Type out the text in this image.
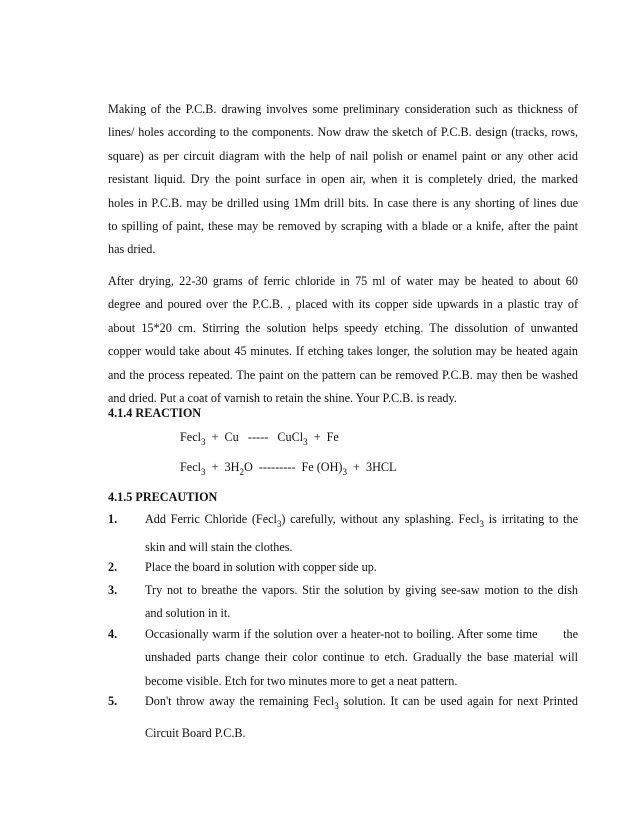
Making of the P.C.B. drawing involves some preliminary consideration such as thickness of
lines/ holes according to the components. Now draw the sketch of P.C.B. design (tracks, rows,
square) as per circuit diagram with the help of nail polish or enamel paint or any other acid
resistant liquid. Dry the point surface in open air, when it is completely dried, the marked
holes in P.C.B. may be drilled using 1Mm drill bits. In case there is any shorting of lines due
to spilling of paint, these may be removed by scraping with a blade or a knife, after the paint
has dried.
After drying, 22-30 grams of ferric chloride in 75 ml of water may be heated to about 60
degree and poured over the P.C.B. , placed with its copper side upwards in a plastic tray of
about 15*20 cm. Stirring the solution helps speedy etching. The dissolution of unwanted
copper would take about 45 minutes. If etching takes longer, the solution may be heated again
and the process repeated. The paint on the pattern can be removed P.C.B. may then be washed
and dried. Put a coat of varnish to retain the shine. Your P.C.B. is ready.
4.1.4 REACTION
Fecl$_3$  +  Cu   -----   CuCl$_3$  +  Fe
Fecl$_3$  +  $3H_2O$  ---------  Fe $(OH)_3 + 3HCL$
4.1.5 PRECAUTION
1. Add Ferric Chloride (Fecl$_3$) carefully, without any splashing. Fecl$_3$ is irritating to the
skin and will stain the clothes.
2. Place the board in solution with copper side up.
3. Try not to breathe the vapors. Stir the solution by giving see-saw motion to the dish
and solution in it.
4. Occasionally warm if the solution over a heater-not to boiling. After some time       the
unshaded parts change their color continue to etch. Gradually the base material will
become visible. Etch for two minutes more to get a neat pattern.
5. Don't throw away the remaining Fecl$_3$ solution. It can be used again for next Printed
Circuit Board P.C.B.
